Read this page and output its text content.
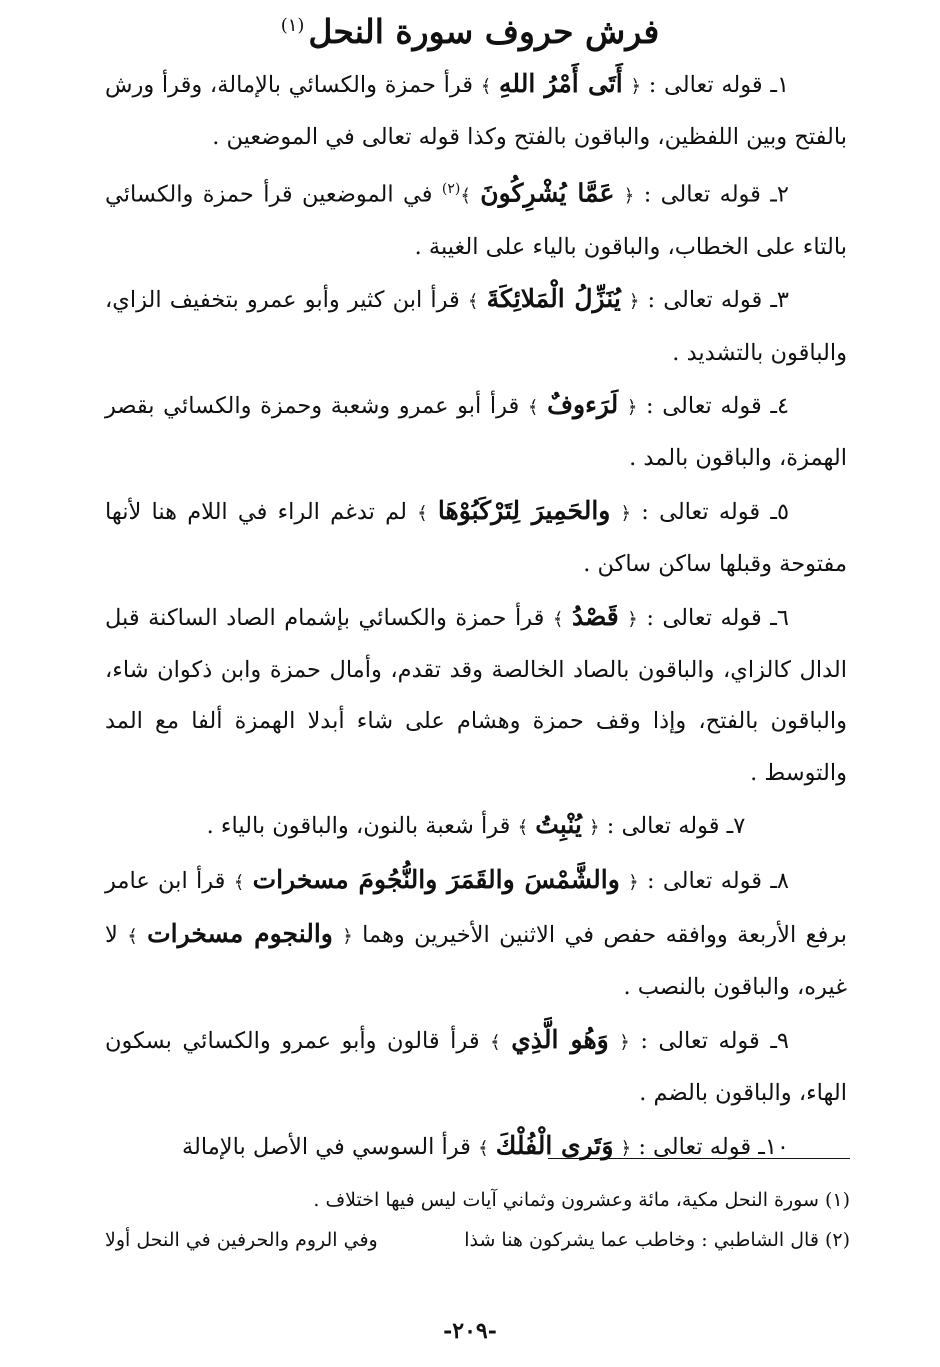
فرش حروف سورة النحل$^{(١)}$

١ـ قوله تعالى : ﴿ أَتَى أَمْرُ اللهِ ﴾ قرأ حمزة والكسائي بالإمالة، وقرأ ورش بالفتح وبين اللفظين، والباقون بالفتح وكذا قوله تعالى في الموضعين .

٢ـ قوله تعالى : ﴿ عَمَّا يُشْرِكُونَ ﴾$^{(٢)}$ في الموضعين قرأ حمزة والكسائي بالتاء على الخطاب، والباقون بالياء على الغيبة .

٣ـ قوله تعالى : ﴿ يُنَزِّلُ الْمَلائِكَةَ ﴾ قرأ ابن كثير وأبو عمرو بتخفيف الزاي، والباقون بالتشديد .

٤ـ قوله تعالى : ﴿ لَرَءوفٌ ﴾ قرأ أبو عمرو وشعبة وحمزة والكسائي بقصر الهمزة، والباقون بالمد .

٥ـ قوله تعالى : ﴿ والحَمِيرَ لِتَرْكَبُوْهَا ﴾ لم تدغم الراء في اللام هنا لأنها مفتوحة وقبلها ساكن ساكن .

٦ـ قوله تعالى : ﴿ قَصْدُ ﴾ قرأ حمزة والكسائي بإشمام الصاد الساكنة قبل الدال كالزاي، والباقون بالصاد الخالصة وقد تقدم، وأمال حمزة وابن ذكوان شاء، والباقون بالفتح، وإذا وقف حمزة وهشام على شاء أبدلا الهمزة ألفا مع المد والتوسط .

٧ـ قوله تعالى : ﴿ يُنْبِتُ ﴾ قرأ شعبة بالنون، والباقون بالياء .

٨ـ قوله تعالى : ﴿ والشَّمْسَ والقَمَرَ والنُّجُومَ مسخرات ﴾ قرأ ابن عامر برفع الأربعة ووافقه حفص في الاثنين الأخيرين وهما ﴿ والنجوم مسخرات ﴾ لا غيره، والباقون بالنصب .

٩ـ قوله تعالى : ﴿ وَهُو الَّذِي ﴾ قرأ قالون وأبو عمرو والكسائي بسكون الهاء، والباقون بالضم .

١٠ـ قوله تعالى : ﴿ وَتَرى الْفُلْكَ ﴾ قرأ السوسي في الأصل بالإمالة

(١) سورة النحل مكية، مائة وعشرون وثماني آيات ليس فيها اختلاف .
(٢) قال الشاطبي : وخاطب عما يشركون هنا شذا
وفي الروم والحرفين في النحل أولا
-٢٠٩-
